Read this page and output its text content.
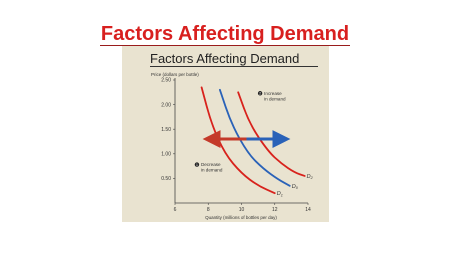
Factors Affecting Demand
Factors Affecting Demand
Price (dollars per bottle)
Quantity (millions of bottles per day)
0.50
1.00
1.50
2.00
2.50
6	8	10	12	14
$D_1$
$D_0$
$D_2$
2 Increase
in demand
1 Decrease
in demand
